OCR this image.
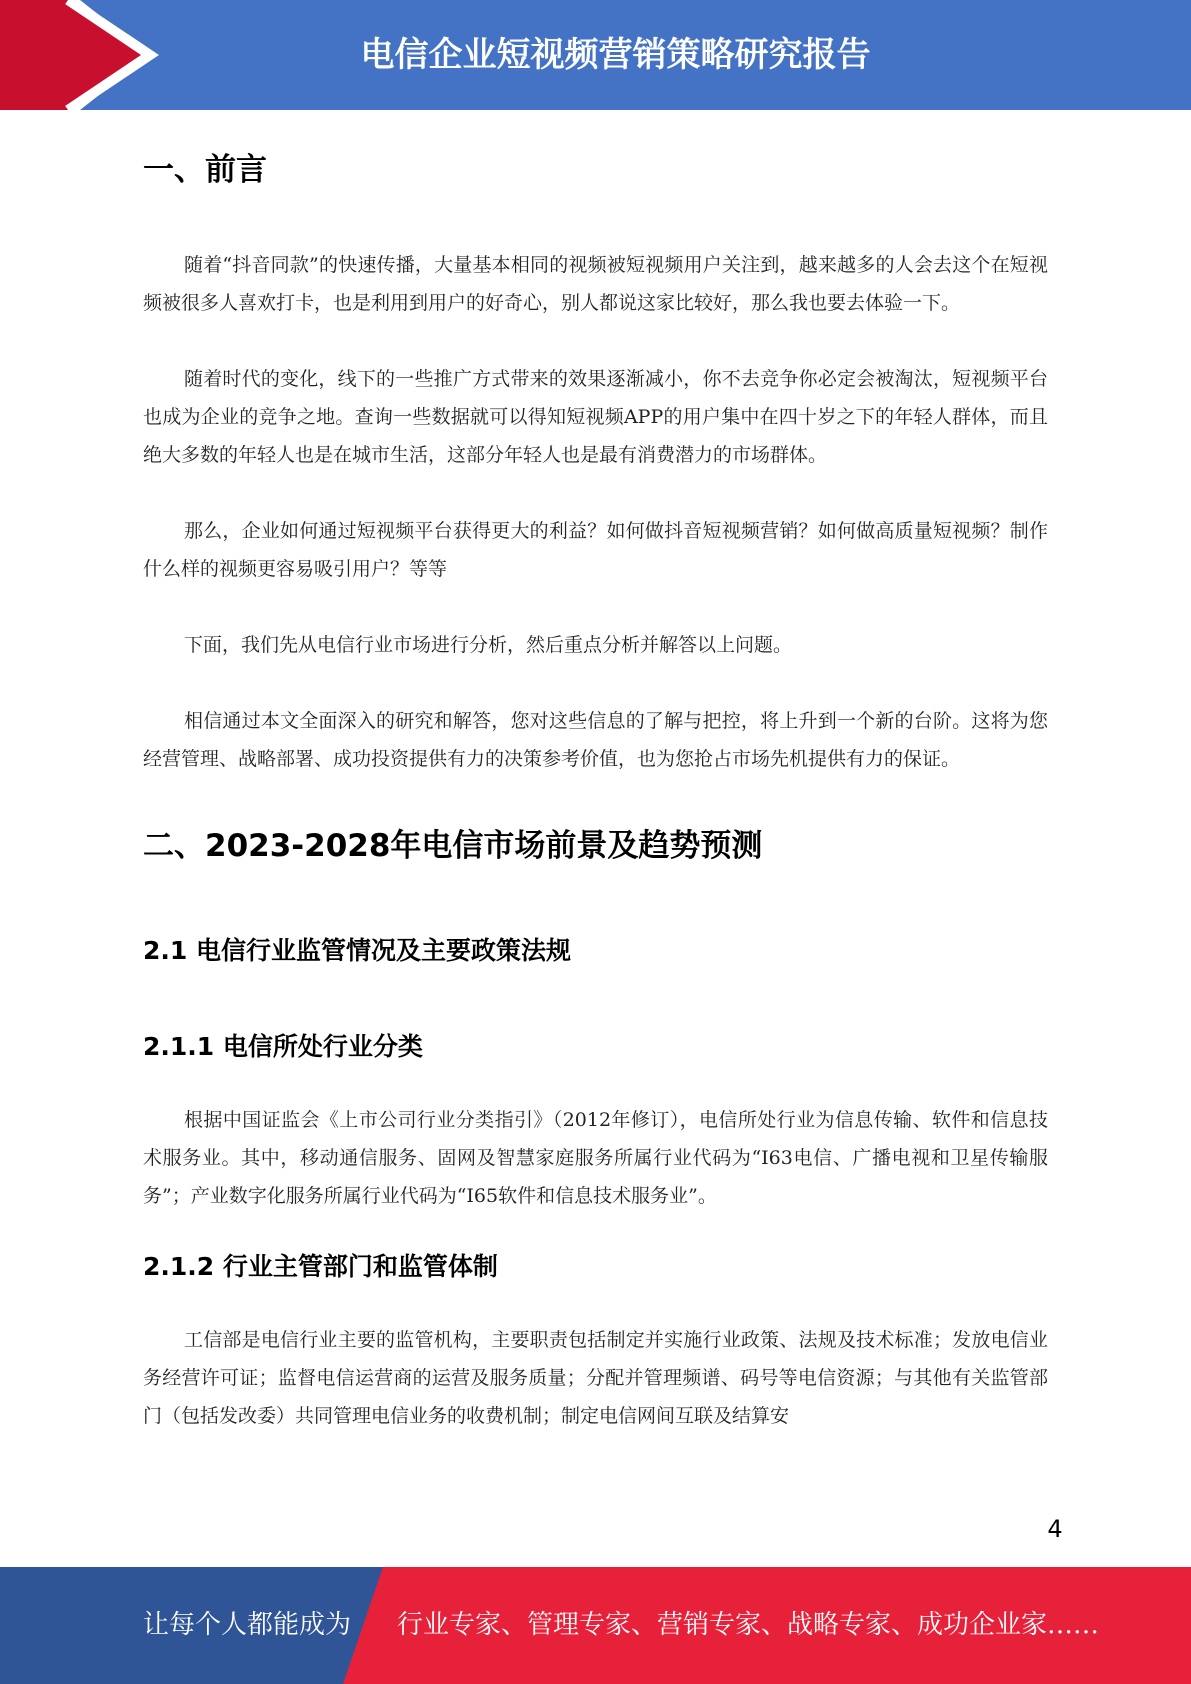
电信企业短视频营销策略研究报告
一、前言

随着“抖音同款”的快速传播，大量基本相同的视频被短视频用户关注到，越来越多的人会去这个在短视频被很多人喜欢打卡，也是利用到用户的好奇心，别人都说这家比较好，那么我也要去体验一下。

随着时代的变化，线下的一些推广方式带来的效果逐渐减小，你不去竞争你必定会被淘汰，短视频平台也成为企业的竞争之地。查询一些数据就可以得知短视频APP的用户集中在四十岁之下的年轻人群体，而且绝大多数的年轻人也是在城市生活，这部分年轻人也是最有消费潜力的市场群体。

那么，企业如何通过短视频平台获得更大的利益？如何做抖音短视频营销？如何做高质量短视频？制作什么样的视频更容易吸引用户？等等

下面，我们先从电信行业市场进行分析，然后重点分析并解答以上问题。

相信通过本文全面深入的研究和解答，您对这些信息的了解与把控，将上升到一个新的台阶。这将为您经营管理、战略部署、成功投资提供有力的决策参考价值，也为您抢占市场先机提供有力的保证。

二、2023-2028年电信市场前景及趋势预测
2.1 电信行业监管情况及主要政策法规
2.1.1 电信所处行业分类

根据中国证监会《上市公司行业分类指引》（2012年修订），电信所处行业为信息传输、软件和信息技术服务业。其中，移动通信服务、固网及智慧家庭服务所属行业代码为“I63电信、广播电视和卫星传输服务”；产业数字化服务所属行业代码为“I65软件和信息技术服务业”。

2.1.2 行业主管部门和监管体制

工信部是电信行业主要的监管机构，主要职责包括制定并实施行业政策、法规及技术标准；发放电信业务经营许可证；监督电信运营商的运营及服务质量；分配并管理频谱、码号等电信资源；与其他有关监管部门（包括发改委）共同管理电信业务的收费机制；制定电信网间互联及结算安

4
让每个人都能成为 行业专家、管理专家、营销专家、战略专家、成功企业家……
